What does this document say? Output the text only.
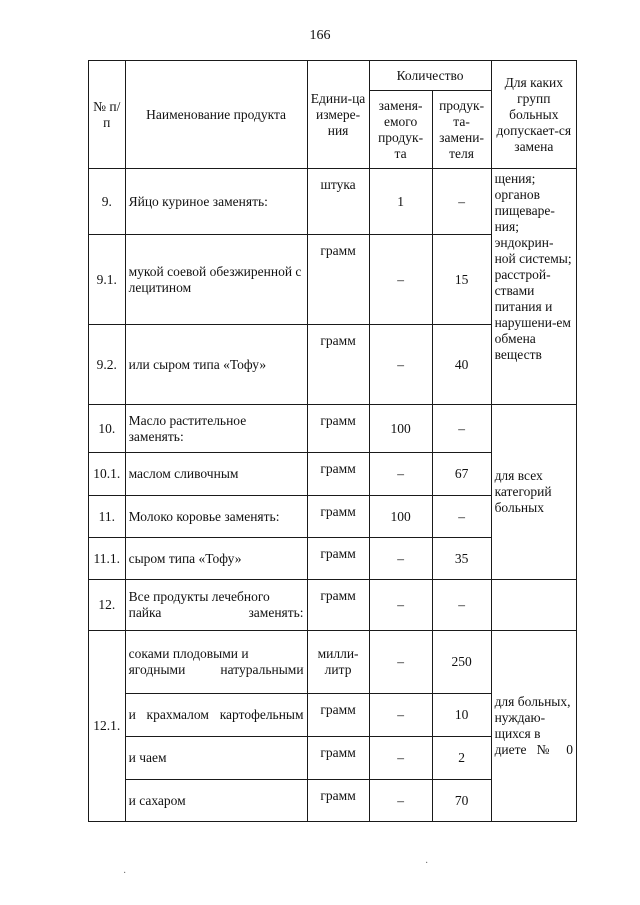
166
№ п/п	Наименование продукта	Едини-ца измере-ния	Количество		Для каких групп больных допускает-ся замена
			заменя-емого продук-та	продук-та-замени-теля	
9.	Яйцо куриное заменять:	штука	1	–	щения; органов пищеваре-ния; эндокрин-ной системы; расстрой-ствами питания и нарушени-ем обмена веществ
9.1.	мукой соевой обезжиренной с лецитином	грамм	–	15	
9.2.	или сыром типа «Тофу»	грамм	–	40	
10.	Масло растительное заменять:	грамм	100	–	для всех категорий больных
10.1.	маслом сливочным	грамм	–	67	
11.	Молоко коровье заменять:	грамм	100	–	
11.1.	сыром типа «Тофу»	грамм	–	35	
12.	Все продукты лечебного пайка заменять:	грамм	–	–	
12.1.	соками плодовыми и ягодными натуральными	милли-литр	–	250	для больных, нуждаю-щихся в диете № 0
	и крахмалом картофельным	грамм	–	10	
	и чаем	грамм	–	2	
	и сахаром	грамм	–	70	
·
·
